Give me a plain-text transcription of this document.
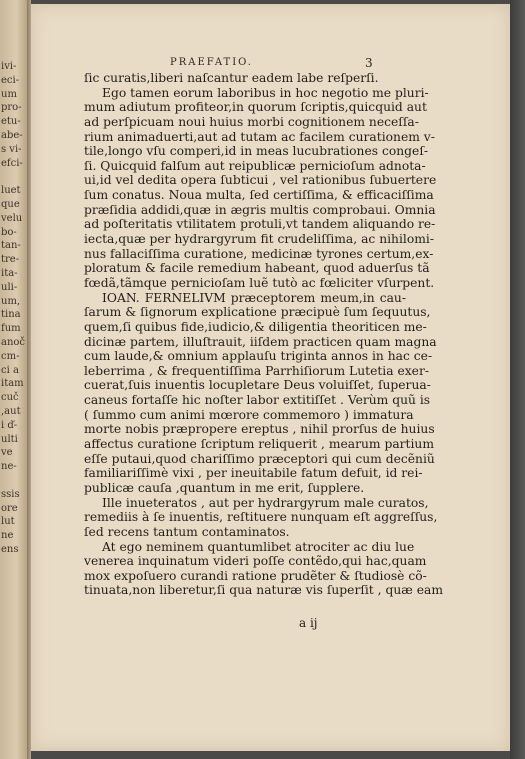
ivi-
eci-
um
pro-
etu-
abe-
s vi-
efci-
luet
que
velu
bo-
tan-
tre-
ita-
uli-
um,
tina
fum
anoč
cm-
ci a
itam
cuč
,aut
i ď-
ulti
ve
ne-
ssis
ore
lut
ne
ens
PRAEFATIO.	3
ſic curatis,liberi naſcantur eadem labe reſperſi.
Ego tamen eorum laboribus in hoc negotio me pluri-
mum adiutum profiteor,in quorum ſcriptis,quicquid aut
ad perſpicuam noui huius morbi cognitionem neceſſa-
rium animaduerti,aut ad tutam ac facilem curationem v-
tile,longo vſu comperi,id in meas lucubrationes congeſ-
ſi. Quicquid falſum aut reipublicæ pernicioſum adnota-
ui,id vel dedita opera ſubticui , vel rationibus ſubuertere
ſum conatus. Noua multa, ſed certiſſima, & efficaciſſima
præſidia addidi,quæ in ægris multis comprobaui. Omnia
ad poſteritatis vtilitatem protuli,vt tandem aliquando re-
iecta,quæ per hydrargyrum fit crudeliſſima, ac nihilomi-
nus fallaciſſima curatione, medicinæ tyrones certum,ex-
ploratum & facile remedium habeant, quod aduerſus tã
fœdã,tãmque pernicioſam luẽ tutò ac fœliciter vſurpent.
IOAN. FERNELIVM præceptorem meum,in cau-
ſarum & ſignorum explicatione præcipuè ſum ſequutus,
quem,ſi quibus fide,iudicio,& diligentia theoriticen me-
dicinæ partem, illuſtrauit, iiſdem practicen quam magna
cum laude,& omnium applauſu triginta annos in hac ce-
leberrima , & frequentiſſima Parrhiſiorum Lutetia exer-
cuerat,ſuis inuentis locupletare Deus voluiſſet, ſuperua-
caneus fortaſſe hic noſter labor extitiſſet . Verùm quũ is
( ſummo cum animi mœrore commemoro ) immatura
morte nobis præpropere ereptus , nihil prorſus de huius
affectus curatione ſcriptum reliquerit , mearum partium
eſſe putaui,quod chariſſimo præceptori qui cum decẽniũ
familiariſſimè vixi , per ineuitabile fatum defuit, id rei-
publicæ cauſa ,quantum in me erit, ſupplere.
Ille inueteratos , aut per hydrargyrum male curatos,
remediis à ſe inuentis, reſtituere nunquam eſt aggreſſus,
ſed recens tantum contaminatos.
At ego neminem quantumlibet atrociter ac diu lue
venerea inquinatum videri poſſe contẽdo,qui hac,quam
mox expoſuero curandi ratione prudẽter & ſtudiosè cõ-
tinuata,non liberetur,ſi qua naturæ vis ſuperſit , quæ eam
a ij
